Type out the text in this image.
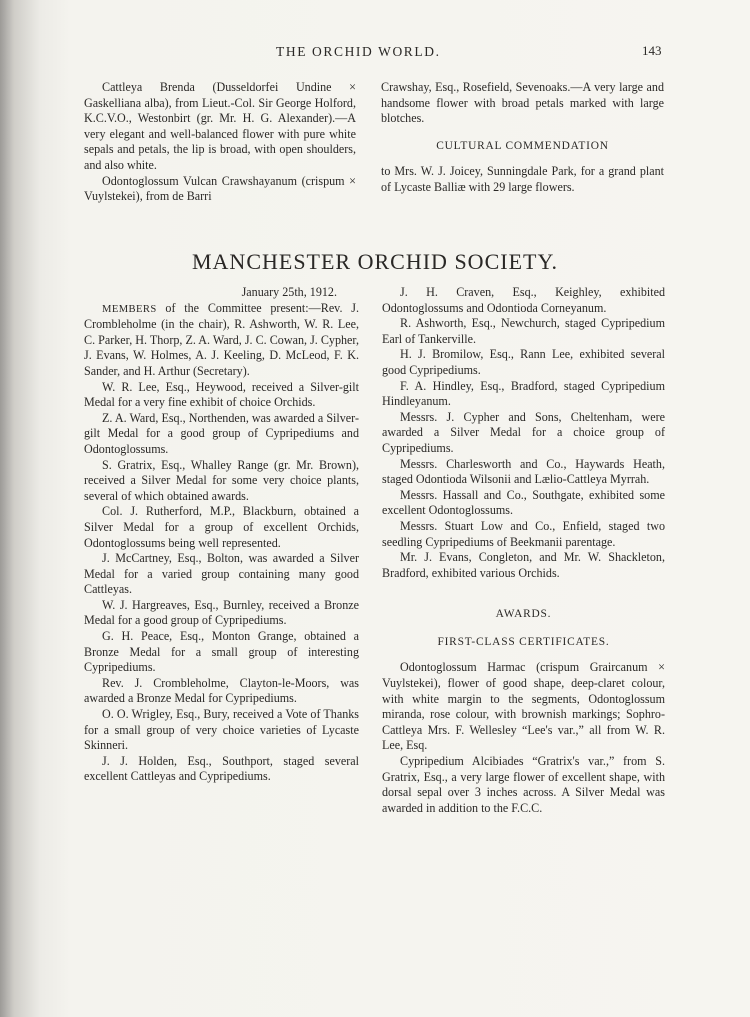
THE ORCHID WORLD.	143

Cattleya Brenda (Dusseldorfei Undine × Gaskelliana alba), from Lieut.-Col. Sir George Holford, K.C.V.O., Westonbirt (gr. Mr. H. G. Alexander).—A very elegant and well-balanced flower with pure white sepals and petals, the lip is broad, with open shoulders, and also white.

Odontoglossum Vulcan Crawshayanum (crispum × Vuylstekei), from de Barri

Crawshay, Esq., Rosefield, Sevenoaks.—A very large and handsome flower with broad petals marked with large blotches.

CULTURAL COMMENDATION

to Mrs. W. J. Joicey, Sunningdale Park, for a grand plant of Lycaste Balliæ with 29 large flowers.

MANCHESTER ORCHID SOCIETY.
January 25th, 1912.

MEMBERS of the Committee present:—Rev. J. Crombleholme (in the chair), R. Ashworth, W. R. Lee, C. Parker, H. Thorp, Z. A. Ward, J. C. Cowan, J. Cypher, J. Evans, W. Holmes, A. J. Keeling, D. McLeod, F. K. Sander, and H. Arthur (Secretary).

W. R. Lee, Esq., Heywood, received a Silver-gilt Medal for a very fine exhibit of choice Orchids.

Z. A. Ward, Esq., Northenden, was awarded a Silver-gilt Medal for a good group of Cypripediums and Odontoglossums.

S. Gratrix, Esq., Whalley Range (gr. Mr. Brown), received a Silver Medal for some very choice plants, several of which obtained awards.

Col. J. Rutherford, M.P., Blackburn, obtained a Silver Medal for a group of excellent Orchids, Odontoglossums being well represented.

J. McCartney, Esq., Bolton, was awarded a Silver Medal for a varied group containing many good Cattleyas.

W. J. Hargreaves, Esq., Burnley, received a Bronze Medal for a good group of Cypripediums.

G. H. Peace, Esq., Monton Grange, obtained a Bronze Medal for a small group of interesting Cypripediums.

Rev. J. Crombleholme, Clayton-le-Moors, was awarded a Bronze Medal for Cypripediums.

O. O. Wrigley, Esq., Bury, received a Vote of Thanks for a small group of very choice varieties of Lycaste Skinneri.

J. J. Holden, Esq., Southport, staged several excellent Cattleyas and Cypripediums.

J. H. Craven, Esq., Keighley, exhibited Odontoglossums and Odontioda Corneyanum.

R. Ashworth, Esq., Newchurch, staged Cypripedium Earl of Tankerville.

H. J. Bromilow, Esq., Rann Lee, exhibited several good Cypripediums.

F. A. Hindley, Esq., Bradford, staged Cypripedium Hindleyanum.

Messrs. J. Cypher and Sons, Cheltenham, were awarded a Silver Medal for a choice group of Cypripediums.

Messrs. Charlesworth and Co., Haywards Heath, staged Odontioda Wilsonii and Lælio-Cattleya Myrrah.

Messrs. Hassall and Co., Southgate, exhibited some excellent Odontoglossums.

Messrs. Stuart Low and Co., Enfield, staged two seedling Cypripediums of Beekmanii parentage.

Mr. J. Evans, Congleton, and Mr. W. Shackleton, Bradford, exhibited various Orchids.

AWARDS.
FIRST-CLASS CERTIFICATES.

Odontoglossum Harmac (crispum Graircanum × Vuylstekei), flower of good shape, deep-claret colour, with white margin to the segments, Odontoglossum miranda, rose colour, with brownish markings; Sophro-Cattleya Mrs. F. Wellesley “Lee's var.,” all from W. R. Lee, Esq.

Cypripedium Alcibiades “Gratrix's var.,” from S. Gratrix, Esq., a very large flower of excellent shape, with dorsal sepal over 3 inches across. A Silver Medal was awarded in addition to the F.C.C.
